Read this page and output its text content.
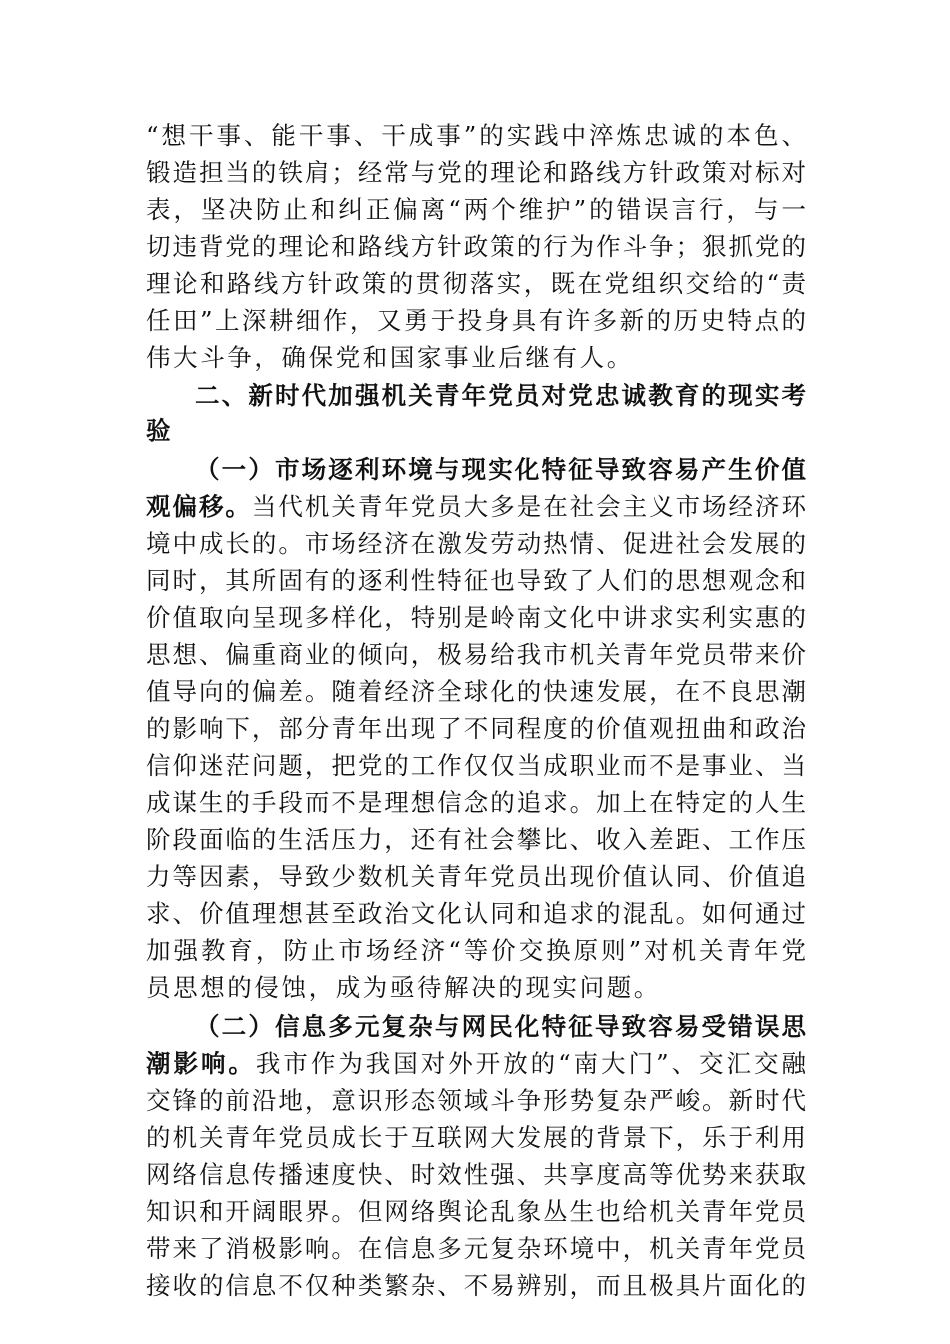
“想干事、能干事、干成事”的实践中淬炼忠诚的本色、
锻造担当的铁肩；经常与党的理论和路线方针政策对标对
表，坚决防止和纠正偏离“两个维护”的错误言行，与一
切违背党的理论和路线方针政策的行为作斗争；狠抓党的
理论和路线方针政策的贯彻落实，既在党组织交给的“责
任田”上深耕细作，又勇于投身具有许多新的历史特点的
伟大斗争，确保党和国家事业后继有人。
二、新时代加强机关青年党员对党忠诚教育的现实考
验
（一）市场逐利环境与现实化特征导致容易产生价值
观偏移。当代机关青年党员大多是在社会主义市场经济环
境中成长的。市场经济在激发劳动热情、促进社会发展的
同时，其所固有的逐利性特征也导致了人们的思想观念和
价值取向呈现多样化，特别是岭南文化中讲求实利实惠的
思想、偏重商业的倾向，极易给我市机关青年党员带来价
值导向的偏差。随着经济全球化的快速发展，在不良思潮
的影响下，部分青年出现了不同程度的价值观扭曲和政治
信仰迷茫问题，把党的工作仅仅当成职业而不是事业、当
成谋生的手段而不是理想信念的追求。加上在特定的人生
阶段面临的生活压力，还有社会攀比、收入差距、工作压
力等因素，导致少数机关青年党员出现价值认同、价值追
求、价值理想甚至政治文化认同和追求的混乱。如何通过
加强教育，防止市场经济“等价交换原则”对机关青年党
员思想的侵蚀，成为亟待解决的现实问题。
（二）信息多元复杂与网民化特征导致容易受错误思
潮影响。我市作为我国对外开放的“南大门”、交汇交融
交锋的前沿地，意识形态领域斗争形势复杂严峻。新时代
的机关青年党员成长于互联网大发展的背景下，乐于利用
网络信息传播速度快、时效性强、共享度高等优势来获取
知识和开阔眼界。但网络舆论乱象丛生也给机关青年党员
带来了消极影响。在信息多元复杂环境中，机关青年党员
接收的信息不仅种类繁杂、不易辨别，而且极具片面化的
